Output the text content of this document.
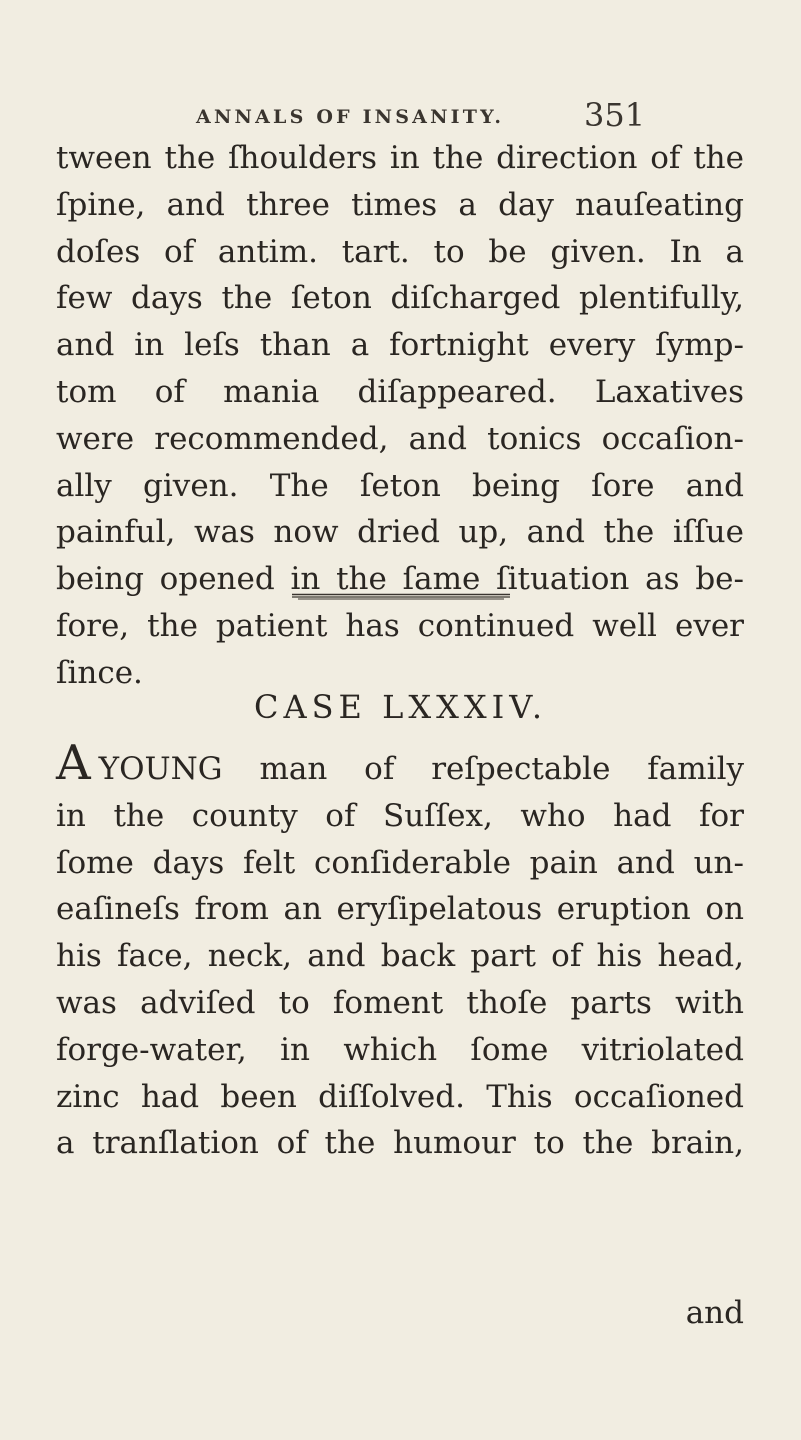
ANNALS OF INSANITY. 351
tween the ſhoulders in the direction of the
ſpine, and three times a day nauſeating
doſes of antim. tart. to be given. In a
few days the ſeton diſcharged plentifully,
and in leſs than a fortnight every ſymp-
tom of mania diſappeared. Laxatives
were recommended, and tonics occaſion-
ally given. The ſeton being ſore and
painful, was now dried up, and the iſſue
being opened in the ſame ſituation as be-
fore, the patient has continued well ever
ſince.
CASE LXXXIV.
AYOUNG man of reſpectable family
in the county of Suſſex, who had for
ſome days felt conſiderable pain and un-
eaſineſs from an eryſipelatous eruption on
his face, neck, and back part of his head,
was adviſed to foment thoſe parts with
forge-water, in which ſome vitriolated
zinc had been diſſolved. This occaſioned
a tranſlation of the humour to the brain,
and
